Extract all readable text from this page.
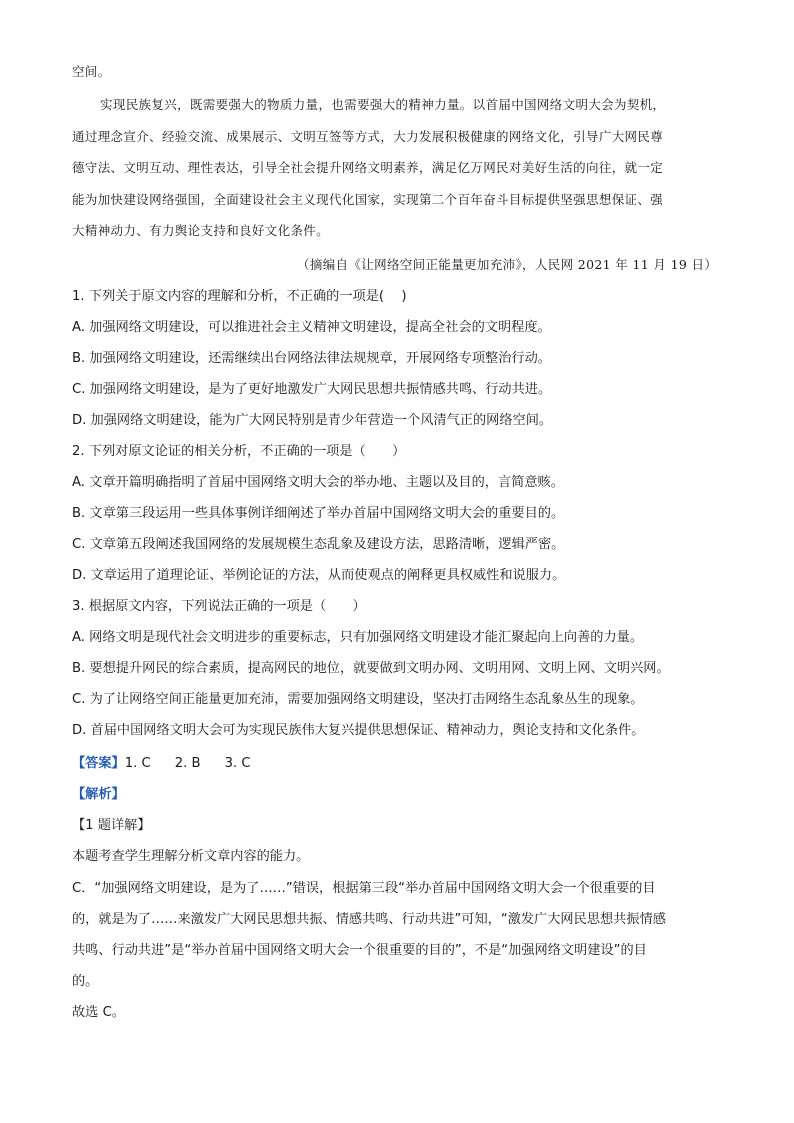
空间。
实现民族复兴，既需要强大的物质力量，也需要强大的精神力量。以首届中国网络文明大会为契机，
通过理念宣介、经验交流、成果展示、文明互签等方式，大力发展积极健康的网络文化，引导广大网民尊
德守法、文明互动、理性表达，引导全社会提升网络文明素养，满足亿万网民对美好生活的向往，就一定
能为加快建设网络强国，全面建设社会主义现代化国家，实现第二个百年奋斗目标提供坚强思想保证、强
大精神动力、有力舆论支持和良好文化条件。
（摘编自《让网络空间正能量更加充沛》，人民网 2021 年 11 月 19 日）
1. 下列关于原文内容的理解和分析，不正确的一项是(　 )
A. 加强网络文明建设，可以推进社会主义精神文明建设，提高全社会的文明程度。
B. 加强网络文明建设，还需继续出台网络法律法规规章，开展网络专项整治行动。
C. 加强网络文明建设，是为了更好地激发广大网民思想共振情感共鸣、行动共进。
D. 加强网络文明建设，能为广大网民特别是青少年营造一个风清气正的网络空间。
2. 下列对原文论证的相关分析，不正确的一项是（　　）
A. 文章开篇明确指明了首届中国网络文明大会的举办地、主题以及目的，言简意赅。
B. 文章第三段运用一些具体事例详细阐述了举办首届中国网络文明大会的重要目的。
C. 文章第五段阐述我国网络的发展规模生态乱象及建设方法，思路清晰，逻辑严密。
D. 文章运用了道理论证、举例论证的方法，从而使观点的阐释更具权威性和说服力。
3. 根据原文内容，下列说法正确的一项是（　　）
A. 网络文明是现代社会文明进步的重要标志，只有加强网络文明建设才能汇聚起向上向善的力量。
B. 要想提升网民的综合素质，提高网民的地位，就要做到文明办网、文明用网、文明上网、文明兴网。
C. 为了让网络空间正能量更加充沛，需要加强网络文明建设，坚决打击网络生态乱象丛生的现象。
D. 首届中国网络文明大会可为实现民族伟大复兴提供思想保证、精神动力，舆论支持和文化条件。
【答案】1. C 2. B 3. C
【解析】
【1 题详解】
本题考查学生理解分析文章内容的能力。
C．“加强网络文明建设，是为了……”错误，根据第三段“举办首届中国网络文明大会一个很重要的目
的，就是为了……来激发广大网民思想共振、情感共鸣、行动共进”可知，“激发广大网民思想共振情感
共鸣、行动共进”是“举办首届中国网络文明大会一个很重要的目的”，不是“加强网络文明建设”的目
的。
故选 C。
